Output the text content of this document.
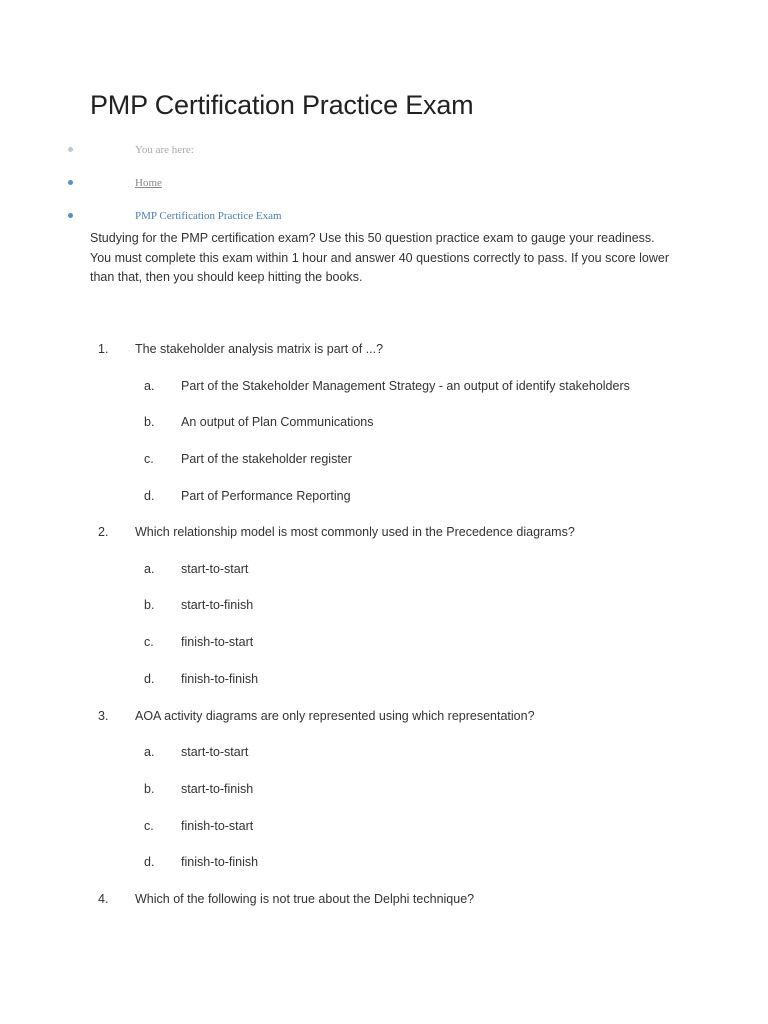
PMP Certification Practice Exam
You are here:
Home
PMP Certification Practice Exam

Studying for the PMP certification exam? Use this 50 question practice exam to gauge your readiness.
You must complete this exam within 1 hour and answer 40 questions correctly to pass. If you score lower
than that, then you should keep hitting the books.

1. The stakeholder analysis matrix is part of ...?
a. Part of the Stakeholder Management Strategy - an output of identify stakeholders
b. An output of Plan Communications
c. Part of the stakeholder register
d. Part of Performance Reporting
2. Which relationship model is most commonly used in the Precedence diagrams?
a. start-to-start
b. start-to-finish
c. finish-to-start
d. finish-to-finish
3. AOA activity diagrams are only represented using which representation?
a. start-to-start
b. start-to-finish
c. finish-to-start
d. finish-to-finish
4. Which of the following is not true about the Delphi technique?
